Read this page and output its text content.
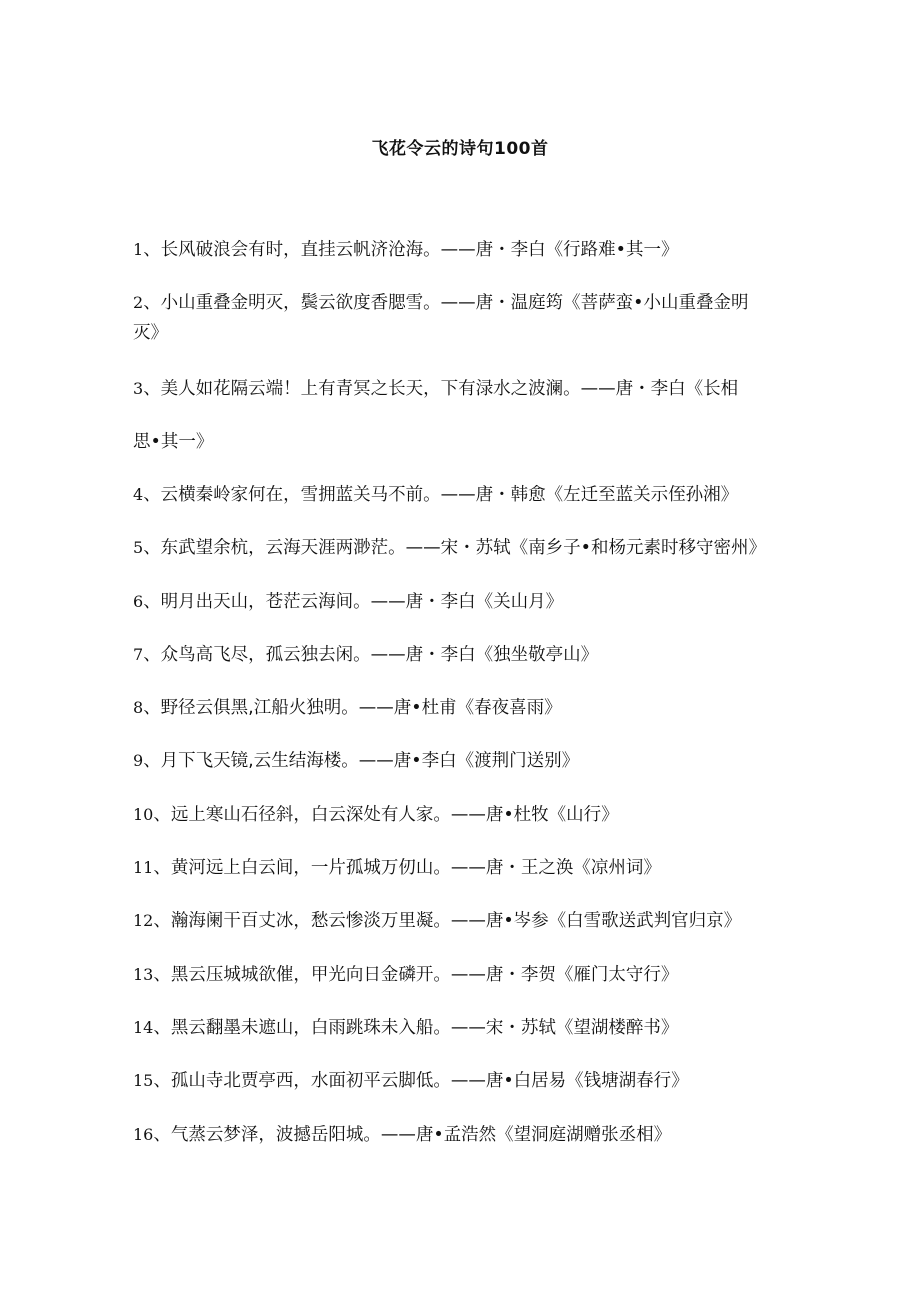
飞花令云的诗句100首
1、长风破浪会有时，直挂云帆济沧海。——唐・李白《行路难•其一》
2、小山重叠金明灭，鬓云欲度香腮雪。——唐・温庭筠《菩萨蛮•小山重叠金明
灭》
3、美人如花隔云端！上有青冥之长天，下有渌水之波澜。——唐・李白《长相
思•其一》
4、云横秦岭家何在，雪拥蓝关马不前。——唐・韩愈《左迁至蓝关示侄孙湘》
5、东武望余杭，云海天涯两渺茫。——宋・苏轼《南乡子•和杨元素时移守密州》
6、明月出天山，苍茫云海间。——唐・李白《关山月》
7、众鸟高飞尽，孤云独去闲。——唐・李白《独坐敬亭山》
8、野径云俱黑,江船火独明。——唐•杜甫《春夜喜雨》
9、月下飞天镜,云生结海楼。——唐•李白《渡荆门送别》
10、远上寒山石径斜，白云深处有人家。——唐•杜牧《山行》
11、黄河远上白云间，一片孤城万仞山。——唐・王之涣《凉州词》
12、瀚海阑干百丈冰，愁云惨淡万里凝。——唐•岑参《白雪歌送武判官归京》
13、黑云压城城欲催，甲光向日金磷开。——唐・李贺《雁门太守行》
14、黑云翻墨未遮山，白雨跳珠未入船。——宋・苏轼《望湖楼醉书》
15、孤山寺北贾亭西，水面初平云脚低。——唐•白居易《钱塘湖春行》
16、气蒸云梦泽，波撼岳阳城。——唐•孟浩然《望洞庭湖赠张丞相》
